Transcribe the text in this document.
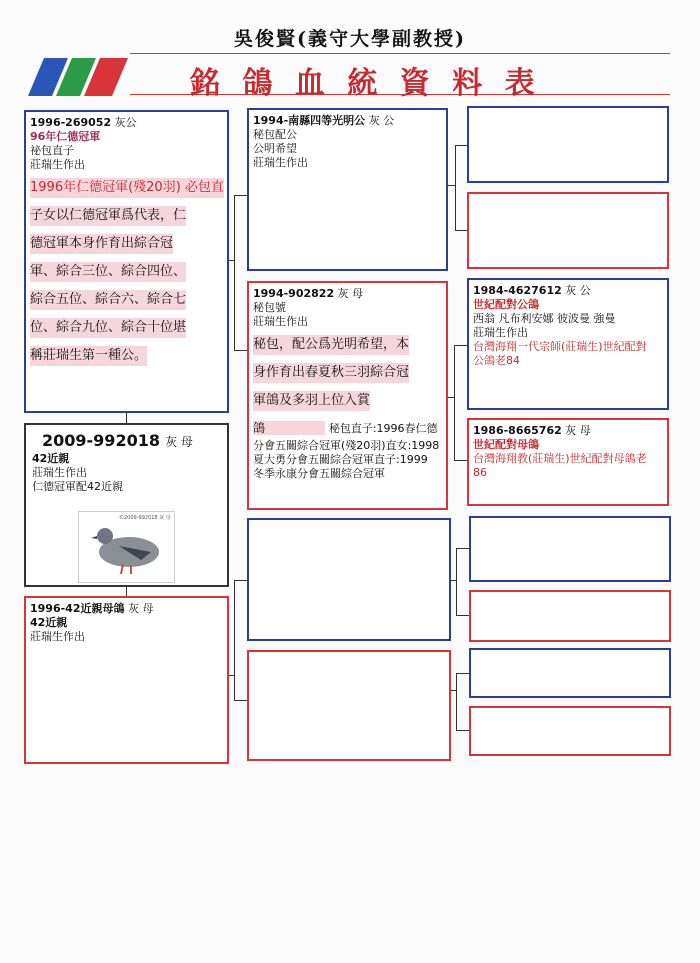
吳俊賢(義守大學副教授)
銘 鴿 血 統 資 料 表

1996-269052 灰公

96年仁德冠軍

祕包直子

莊瑞生作出

1996年仁德冠軍(殘20羽) 必包直
子女以仁德冠軍爲代表，仁
德冠軍本身作育出綜合冠
軍、綜合三位、綜合四位、
綜合五位、綜合六、綜合七
位、綜合九位、綜合十位堪
稱莊瑞生第一種公。

2009-992018 灰 母

42近親

莊瑞生作出

仁德冠軍配42近親

©2009-992018 灰 母

1996-42近親母鴿 灰 母

42近親

莊瑞生作出

1994-南縣四等光明公 灰 公

秘包配公

公明希望

莊瑞生作出

1994-902822 灰 母

秘包號

莊瑞生作出

秘包，配公爲光明希望，本
身作育出春夏秋三羽綜合冠
軍鴿及多羽上位入賞
鴿	秘包直子:1996春仁德

分會五關綜合冠軍(殘20羽)直女:1998

夏大勇分會五關綜合冠軍直子:1999

冬季永康分會五關綜合冠軍

1984-4627612 灰 公

世紀配對公鴿

西翁 凡布利安娜 彼波曼 強曼

莊瑞生作出

台灣海翔一代宗師(莊瑞生)世紀配對

公鴿老84

1986-8665762 灰 母

世紀配對母鴿

台灣海翔教(莊瑞生)世紀配對母鴿老

86
